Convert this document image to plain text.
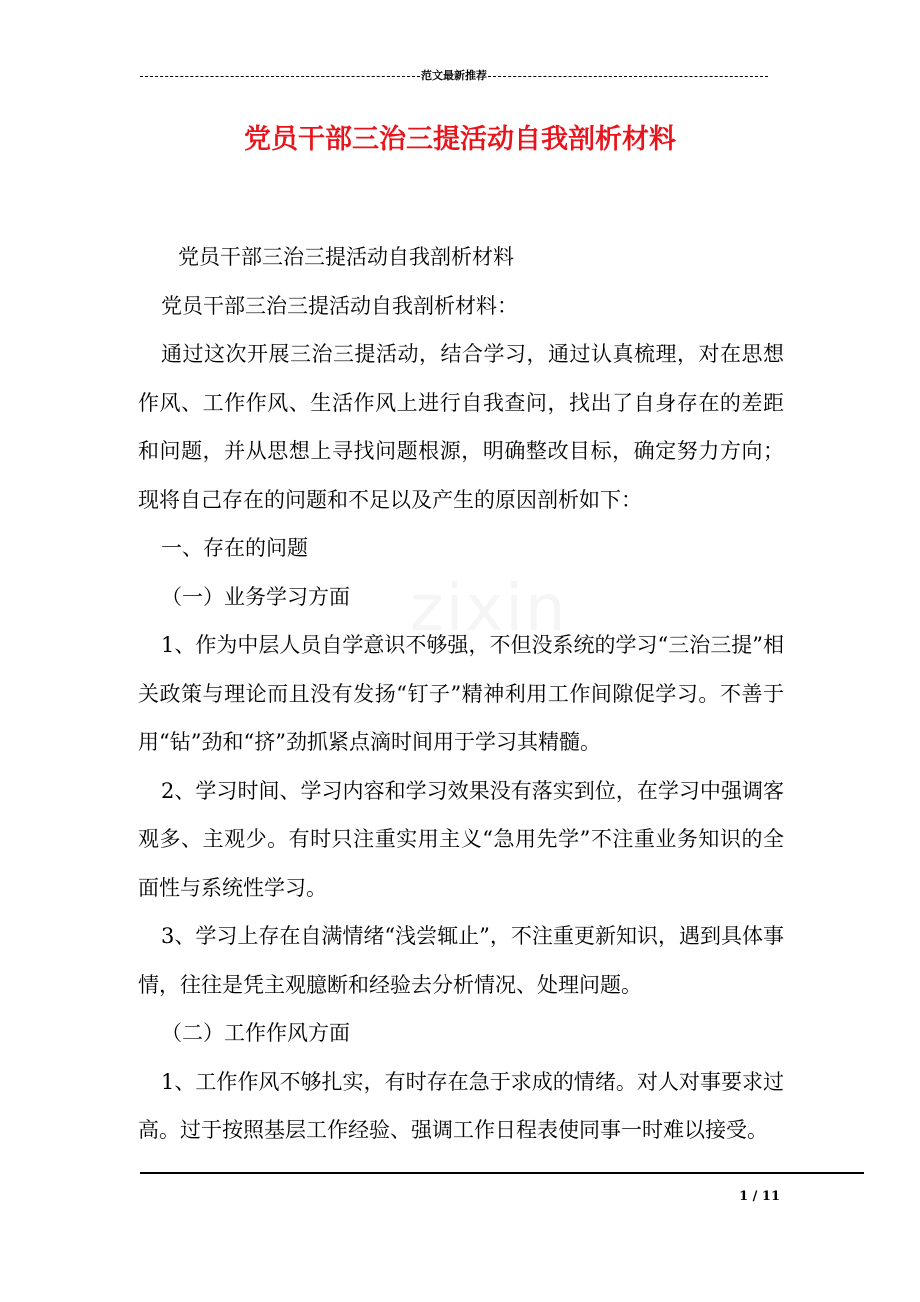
范文最新推荐
党员干部三治三提活动自我剖析材料
zixin

党员干部三治三提活动自我剖析材料

党员干部三治三提活动自我剖析材料：

通过这次开展三治三提活动，结合学习，通过认真梳理，对在思想作风、工作作风、生活作风上进行自我查问，找出了自身存在的差距和问题，并从思想上寻找问题根源，明确整改目标，确定努力方向；现将自己存在的问题和不足以及产生的原因剖析如下：

一、存在的问题

（一）业务学习方面

1、作为中层人员自学意识不够强，不但没系统的学习“三治三提”相关政策与理论而且没有发扬“钉子”精神利用工作间隙促学习。不善于用“钻”劲和“挤”劲抓紧点滴时间用于学习其精髓。

2、学习时间、学习内容和学习效果没有落实到位，在学习中强调客观多、主观少。有时只注重实用主义“急用先学”不注重业务知识的全面性与系统性学习。

3、学习上存在自满情绪“浅尝辄止”，不注重更新知识，遇到具体事情，往往是凭主观臆断和经验去分析情况、处理问题。

（二）工作作风方面

1、工作作风不够扎实，有时存在急于求成的情绪。对人对事要求过高。过于按照基层工作经验、强调工作日程表使同事一时难以接受。

1 / 11
